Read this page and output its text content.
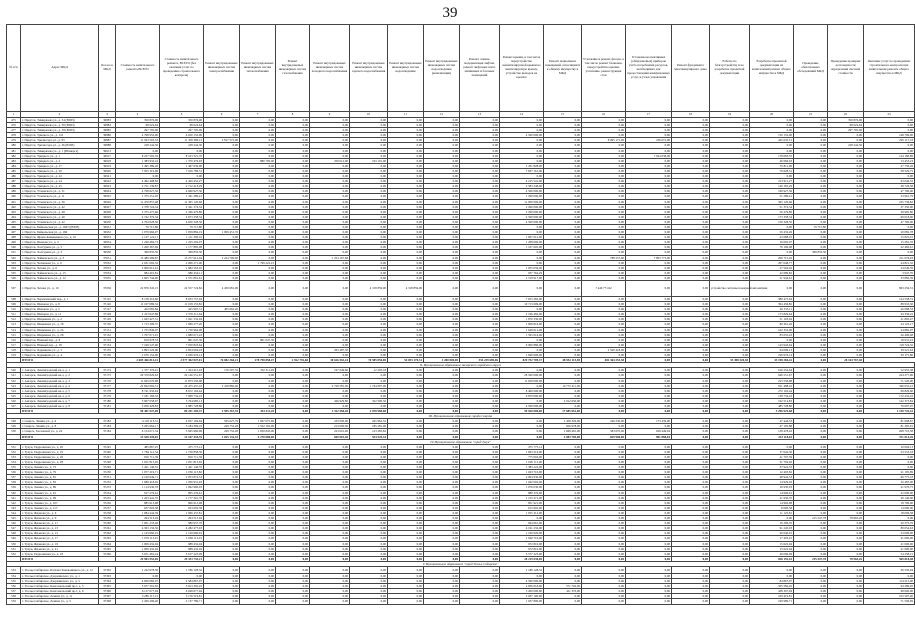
39
№ п/п	Адрес МКД	Кол-во в МКД	Стоимость капитального ремонта ВСЕГО	Стоимость капитального ремонта, ВСЕГО (без оказания услуг по проведению строительного контроля)	Ремонт внутридомовых инженерных систем электроснабжения	Ремонт внутридомовых инженерных систем теплоснабжения	Ремонт внутридомовых инженерных систем газоснабжения	Ремонт внутридомовых инженерных систем холодного водоснабжения	Ремонт внутридомовых инженерных систем горячего водоснабжения	Ремонт внутридомовых инженерных систем водоотведения	Ремонт внутридомовых инженерных систем водоотведения (канализации)	Ремонт, замена, модернизация лифтов, ремонт лифтовых шахт, машинных и блочных помещений	Ремонт крыши, в том числе переустройство невентилируемой крыши на вентилируемую крышу, устройство выходов на кровлю	Ремонт подвальных помещений, относящихся к общему имуществу в МКД	Утепление и ремонт фасада, в том числе ремонт балконов, переустройство крыши, утепление, реконструкция стен	Установка коллективных (общедомовых) приборов учёта потребления ресурсов, необходимых для предоставления коммунальных услуг, и узлов управления	Ремонт фундамента многоквартирного дома	Работы по благоустройству и по разработке проектной документации	Разработка проектной документации на капитальный ремонт общего имущества в МКД	Проведение обязательных обследований МКД	Проведение проверки достоверности определения сметной стоимости	Оказание услуг по проведению строительного контроля при капитальном ремонте общего имущества в МКД	
1	2	3	4	5	6	7	8	9	10	11	12	13	14	15	16	17	18	19	20	21	22	23	
475	г. Иркутск, Тимирязева ул., д. 34 (ЮПЗ)	36883	350 876,00	350 876,00	0,00	0,00	0,00	0,00	0,00	0,00	0,00	0,00	0,00	0,00	0,00	0,00	0,00	0,00	0,00	0,00	350 876,00	0,00	
476	г. Иркутск, Тимирязева ул., д. 36 (ЮПЗ)	36884	68 024,64	68 024,64	0,00	0,00	0,00	0,00	0,00	0,00	0,00	0,00	0,00	0,00	0,00	0,00	0,00	0,00	0,00	0,00	68 024,64	0,00	
477	г. Иркутск, Тимирязева ул., д. 38 (ЮПЗ)	36885	297 795,00	297 795,00	0,00	0,00	0,00	0,00	0,00	0,00	0,00	0,00	0,00	0,00	0,00	0,00	0,00	0,00	0,00	0,00	297 795,00	0,00	
478	г. Иркутск, Урицкого ул., д. 110	36886	4 798 952,00	4 650 152,00	0,00	0,00	0,00	0,00	0,00	0,00	0,00	0,00	4 500 000,00	0,00	0,00	0,00	0,00	0,00	150 152,00	0,00	0,00	148 799,00	
479	г. Иркутск, Трилиссера ул., д. 93	36887	11 563 503,33	11 358 386,15	2 817 573,00	0,00	0,00	0,00	0,00	0,00	0,00	0,00	0,00	0,00	8 095 171,00	236 672,00	0,00	0,00	445 635,15	0,00	0,00	205 117,18	
480	г. Иркутск, Трилиссера ул., д. 36 (ЮПЗ)	36888	228 244,30	228 244,30	0,00	0,00	0,00	0,00	0,00	0,00	0,00	0,00	0,00	0,00	0,00	0,00	0,00	0,00	0,00	0,00	228 244,30	0,00	
481	г. Иркутск, Тимирязева ул., д. 1 (Юпиерса)	36913	0,00	0,00	0,00	0,00	0,00	0,00	0,00	0,00	0,00	0,00	0,00	0,00	0,00	0,00	0,00	0,00	0,00	0,00	0,00	0,00	
482	г. Иркутск, Урицкого ул., д. 1	36917	8 227 502,59	8 103 321,70	0,00	0,00	0,00	0,00	0,00	0,00	0,00	0,00	0,00	0,00	0,00	7 924 638,00	0,00	0,00	178 683,70	0,00	0,00	124 180,89	
483	г. Иркутск, Урицкого ул., д. 2	36918	1 383 933,16	1 370 479,93	0,00	880 700,00	0,00	250 012,00	193 101,00	0,00	0,00	0,00	0,00	0,00	0,00	0,00	0,00	0,00	46 666,93	0,00	0,00	13 453,23	
484	г. Иркутск, Урицкого ул., д. 17	36919	1 495 389,26	1 467 639,00	0,00	0,00	0,00	0,00	0,00	0,00	0,00	0,00	1 431 828,00	0,00	0,00	0,00	0,00	0,00	35 811,00	0,00	0,00	27 750,26	
485	г. Иркутск, Урицкого ул., д. 20	36920	7 955 319,06	7 916 789,31	0,00	0,00	0,00	0,00	0,00	0,00	0,00	0,00	7 837 161,00	0,00	0,00	0,00	0,00	0,00	79 628,31	0,00	0,00	38 529,75	
486	г. Иркутск, Урицкого ул., д. 22	36921	0,00	0,00	0,00	0,00	0,00	0,00	0,00	0,00	0,00	0,00	0,00	0,00	0,00	0,00	0,00	0,00	0,00	0,00	0,00	0,00	
487	г. Иркутск, Урицкого ул., д. 24	36922	4 492 498,82	4 429 452,27	0,00	0,00	0,00	0,00	0,00	0,00	0,00	0,00	4 215 541,00	0,00	0,00	0,00	0,00	0,00	213 911,27	0,00	0,00	63 046,55	
488	г. Иркутск, Урицкого ул., д. 25	36923	2 751 139,87	2 712 413,29	0,00	0,00	0,00	0,00	0,00	0,00	0,00	0,00	2 583 248,00	0,00	0,00	0,00	0,00	0,00	129 165,29	0,00	0,00	38 726,58	
489	г. Иркутск, Уткинского ул., д. 31	36924	4 708 627,56	4 660 927,56	0,00	0,00	0,00	0,00	0,00	0,00	0,00	0,00	4 500 000,00	0,00	0,00	0,00	0,00	0,00	160 927,56	0,00	0,00	47 700,00	
490	г. Иркутск, Уткинского ул., д. 11	36925	1 375 251,20	1 341 289,41	0,00	0,00	0,00	0,00	0,00	0,00	0,00	0,00	1 290 000,00	0,00	0,00	0,00	0,00	0,00	51 289,41	0,00	0,00	33 961,79	
491	г. Иркутск, Уткинского ул., д. 36	36926	11 470 857,48	11 365 120,66	0,00	0,00	0,00	0,00	0,00	0,00	0,00	0,00	11 000 000,00	0,00	0,00	0,00	0,00	0,00	365 120,66	0,00	0,00	105 736,82	
492	г. Иркутск, Уткинского ул., д. 42	36927	2 378 724,34	2 341 374,34	0,00	0,00	0,00	0,00	0,00	0,00	0,00	0,00	2 290 000,00	0,00	0,00	0,00	0,00	0,00	51 374,34	0,00	0,00	37 350,00	
493	г. Иркутск, Уткинского ул., д. 48	36928	2 375 475,66	2 346 479,86	0,00	0,00	0,00	0,00	0,00	0,00	0,00	0,00	2 290 000,00	0,00	0,00	0,00	0,00	0,00	56 479,86	0,00	0,00	28 995,80	
494	г. Иркутск, Уткинского ул., д. 40	36929	4 742 376,34	4 673 358,34	0,00	0,00	0,00	0,00	0,00	0,00	0,00	0,00	4 500 000,00	0,00	0,00	0,00	0,00	0,00	173 358,34	0,00	0,00	69 018,00	
495	г. Иркутск, Уткинского ул., д. 42	36930	4 704 028,50	4 656 328,50	0,00	0,00	0,00	0,00	0,00	0,00	0,00	0,00	4 500 000,00	0,00	0,00	0,00	0,00	0,00	156 328,50	0,00	0,00	47 700,00	
496	г. Иркутск, Байкальская ул., д. 166/3 (ЮПЗ)	36931	79 715,80	79 715,80	0,00	0,00	0,00	0,00	0,00	0,00	0,00	0,00	0,00	0,00	0,00	0,00	0,00	0,00	0,00	79 715,80	0,00	0,00	
497	г. Иркутск, Байкальская ул., д. 166	36932	1 079 966,97	1 059 884,19	1 009 451,70	0,00	0,00	0,00	0,00	0,00	0,00	0,00	0,00	0,00	0,00	0,00	0,00	0,00	50 432,49	0,00	0,00	20 082,78	
498	г. Иркутск, Франк-Каменецкого ул., д. 16	36933	1 127 122,11	1 111 300,10	0,00	0,00	0,00	0,00	0,00	0,00	0,00	0,00	1 067 612,00	0,00	0,00	0,00	0,00	0,00	43 688,10	0,00	0,00	15 822,01	
499	г. Иркутск, Пыжова ул., д. 4	36934	1 240 484,73	1 225 202,97	0,00	0,00	0,00	0,00	0,00	0,00	0,00	0,00	1 208 600,00	0,00	0,00	0,00	0,00	0,00	16 602,97	0,00	0,00	15 281,76	
500	г. Иркутск, Халтурина ул., д. 5	36935	1 200 367,69	1 177 885,08	0,00	0,00	0,00	0,00	0,00	0,00	0,00	0,00	1 107 695,00	0,00	0,00	0,00	0,00	0,00	70 190,08	0,00	0,00	22 482,61	
501	г. Иркутск, Халтурина ул., д. 3	36936	369 835,50	369 835,50	0,00	0,00	0,00	0,00	0,00	0,00	0,00	0,00	0,00	0,00	0,00	0,00	0,00	0,00	0,00	369 835,50	0,00	0,00	
502	г. Иркутск, Чайковского ул., д. 3	37031	13 489 289,87	13 277 612,94	2 224 700,00	0,00	0,00	1 254 167,68	0,00	0,00	0,00	0,00	0,00	0,00	788 257,00	7 803 773,00	0,00	0,00	206 715,26	0,00	0,00	211 676,93	
503	г. Иркутск, Челнокова ул., д. 9	37032	2 031 092,32	2 006 271,00	0,00	1 799 222,23	0,00	0,00	0,00	0,00	0,00	0,00	0,00	0,00	0,00	0,00	0,00	0,00	207 048,77	0,00	0,00	24 821,32	
504	г. Иркутск, Чехова ул., д. 6	37033	2 006 612,61	1 982 563,02	0,00	0,00	0,00	0,00	0,00	0,00	0,00	0,00	1 955 059,00	0,00	0,00	0,00	0,00	0,00	27 504,02	0,00	0,00	24 049,59	
505	г. Иркутск, Чайковского ул., д. 15	37034	984 401,81	980 454,11	0,00	0,00	0,00	0,00	0,00	0,00	0,00	0,00	937 764,29	0,00	0,00	0,00	0,00	0,00	42 689,82	0,00	0,00	3 947,70	
506	г. Иркутск, Чайковского ул., д. 12	37035	2 605 744,00	2 571 861,61	0,00	0,00	0,00	0,00	0,00	0,00	0,00	0,00	2 519 917,00	0,00	0,00	0,00	0,00	0,00	51 944,61	0,00	0,00	33 882,39	
507	г. Иркутск, Чехова ул., д. 10	37036	22 876 345,15	22 557 724,82	4 450 681,00	0,00	0,00	0,00	4 318 859,00	4 318 859,00	0,00	0,00	0,00	0,00	7 446 771,92	0,00	0,00	устройство системы пожарной автоматики	0,00	0,00	0,00	863 256,31			
508	г. Иркутск, Черемховский пер., д. 1	37125	8 158 316,66	8 033 757,94	0,00	0,00	0,00	0,00	0,00	0,00	0,00	0,00	7 653 282,00	0,00	0,00	0,00	0,00	0,00	380 475,94	0,00	0,00	124 558,72	
509	г. Иркутск, Шевцова ул., д. 8	37126	11 107 089,32	11 018 155,82	0,00	0,00	0,00	0,00	0,00	0,00	0,00	0,00	10 713 699,00	0,00	0,00	0,00	0,00	0,00	304 456,82	0,00	0,00	88 933,50	
510	г. Иркутск, Шевцова ул., д. 5	37127	452 085,84	425 997,31	405 662,20	0,00	0,00	0,00	0,00	0,00	0,00	0,00	0,00	0,00	0,00	0,00	0,00	0,00	20 335,11	0,00	0,00	26 088,53	
511	г. Иркутск, Шевцова ул., д. 11	37128	2 413 647,86	2 370 311,64	0,00	0,00	0,00	0,00	0,00	0,00	0,00	0,00	2 196 482,00	0,00	0,00	0,00	0,00	0,00	173 829,64	0,00	0,00	43 336,22	
512	г. Иркутск, Ширямова ул., д. 2	37129	1 943 427,51	1 921 532,04	0,00	0,00	0,00	0,00	0,00	0,00	0,00	0,00	1 870 339,00	0,00	0,00	0,00	0,00	0,00	51 193,04	0,00	0,00	21 895,47	
513	г. Иркутск, Ширямова ул., д. 18	37130	1 713 399,37	1 689 277,20	0,00	0,00	0,00	0,00	0,00	0,00	0,00	0,00	1 608 816,00	0,00	0,00	0,00	0,00	0,00	80 461,20	0,00	0,00	24 122,17	
514	г. Иркутск, Ширямова ул., д. 24	37131	1 755 846,97	1 730 964,00	0,00	0,00	0,00	0,00	0,00	0,00	0,00	0,00	1 628 612,00	0,00	0,00	0,00	0,00	0,00	102 352,00	0,00	0,00	24 882,97	
515	г. Иркутск, Ширямова ул., д. 28	37132	1 707 071,91	1 680 671,43	0,00	0,00	0,00	0,00	0,00	0,00	0,00	0,00	1 595 016,00	0,00	0,00	0,00	0,00	0,00	85 655,43	0,00	0,00	26 400,48	
516	г. Иркутск, Южный пер., д. 8	37133	819 978,53	801 047,30	0,00	801 047,30	0,00	0,00	0,00	0,00	0,00	0,00	0,00	0,00	0,00	0,00	0,00	0,00	0,00	0,00	0,00	18 931,23	
517	г. Иркутск, Южный пер., д. 18	37134	7 169 547,96	7 050 823,64	0,00	0,00	0,00	0,00	0,00	0,00	0,00	0,00	6 906 880,00	0,00	0,00	0,00	0,00	0,00	143 943,64	0,00	0,00	118 724,32	
518	г. Иркутск, Ядринцева ул., д. 5	37135	2 893 226,06	2 854 004,43	0,00	0,00	0,00	263 487,30	0,00	0,00	0,00	0,00	0,00	0,00	2 526 418,00	0,00	0,00	0,00	64 099,13	0,00	0,00	39 221,63	
519	г. Иркутск, Ядринцева ул., д. 4	37136	2 076 152,00	2 036 976,14	0,00	0,00	0,00	0,00	0,00	0,00	0,00	0,00	1 840 000,00	0,00	0,00	0,00	0,00	0,00	196 976,14	0,00	0,00	39 175,86	
	ИТОГО		2 605 466 814,41	2 577 302 047,01	76 082 360,21	278 798 858,47	2 922 792,60	30 626 563,24	70 585 050,00	54 053 170,31	3 200 000,00	354 239 689,06	829 752 709,37	48 952 115,90	482 364 253,38	0,00	0,00	53 498 520,30	33 198 284,42	0,00	28 164 767,40		
II. Муниципальное образование Ангарского городского округа																							
520	г. Ангарск, Ленинградский кв-л, д. 1	37174	1 377 370,41	1 324 415,03	176 507,35	352 311,26	0,00	167 049,60	12 293,18	0,00	0,00	0,00	0,00	0,00	0,00	0,00	0,00	0,00	616 254,64	0,00	0,00	52 955,38	
521	г. Ангарск, Ленинградский кв-л, д. 2	37175	29 370 829,63	29 146 551,67	0,00	0,00	0,00	0,00	0,00	0,00	0,00	0,00	28 500 000,00	0,00	0,00	0,00	0,00	0,00	646 551,67	0,00	0,00	224 277,96	
522	г. Ангарск, Ленинградский кв-л, д. 3	37176	11 945 070,98	11 873 550,98	0,00	0,00	0,00	0,00	0,00	0,00	0,00	0,00	11 650 000,00	0,00	0,00	0,00	0,00	0,00	223 550,98	0,00	0,00	71 520,00	
523	г. Ангарск, Ленинградский кв-л, д. 4	37177	22 822 092,51	22 475 437,10	2 418 860,00	0,00	0,00	2 728 581,00	1 744 097,00	0,00	0,00	0,00	0,00	14 772 411,00	0,00	0,00	0,00	0,00	811 488,10	0,00	0,00	346 655,41	
524	г. Ангарск, Ленинградский кв-л, д. 5	37178	8 741 932,04	8 672 102,44	0,00	0,00	0,00	0,00	0,00	0,00	0,00	0,00	8 400 000,00	0,00	0,00	0,00	0,00	0,00	272 102,44	0,00	0,00	69 829,60	
525	г. Ангарск, Ленинградский кв-л, д. 6	37179	7 181 166,32	7 008 734,16	0,00	0,00	0,00	0,00	0,00	0,00	0,00	0,00	6 870 000,00	0,00	0,00	0,00	0,00	0,00	138 734,16	0,00	0,00	172 432,16	
526	г. Ангарск, Ленинградский кв-л, д. 7	37180	3 907 058,97	3 764 685,13	0,00	0,00	0,00	426 929,80	322 590,50	0,00	0,00	0,00	0,00	2 912 650,00	0,00	0,00	0,00	0,00	102 514,83	0,00	0,00	142 373,84	
527	г. Ангарск, Ленинградский кв-л, д. 8	37181	5 056 426,83	4 985 728,86	0,00	0,00	0,00	0,00	0,00	0,00	0,00	0,00	4 500 000,00	0,00	0,00	0,00	0,00	0,00	485 728,86	0,00	0,00	70 697,97	
	ИТОГО		90 401 947,69	89 251 205,37	2 595 367,35	352 311,26	0,00	3 322 560,40	2 078 980,68	0,00	0,00	0,00	59 920 000,00	17 685 061,00	0,00	0,00	0,00	0,00	3 296 925,68	0,00	0,00	1 150 742,32	
III. Муниципальное образование города Свирска																							
528	г. Свирск, Ленина ул., д. 6	37182	4 118 113,31	4 037 104,64	565 627,79	1 067 075,00	0,00	233 000,00	245 962,52	0,00	0,00	0,00	0,00	1 458 326,00	246 230,00	173 439,00	0,00	0,00	47 444,33	0,00	0,00	81 008,67	
529	г. Свирск, Ленина ул., д. 8	37183	3 265 664,17	3 184 369,16	229 752,28	1 552 162,00	0,00	213 000,00	185 281,00	0,00	0,00	0,00	0,00	956 978,00	0,00	0,00	0,00	0,00	47 195,88	0,00	0,00	81 295,01	
530	г. Свирск, Хасановой ул., д. 24	37184	6 154 671,54	5 945 960,96	229 752,28	1 650 843,00	0,00	223 001,40	123 285,82	0,00	0,00	0,00	0,00	1 668 481,00	583 670,00	628 449,04	0,00	0,00	138 478,42	0,00	0,00	208 710,58	
	ИТОГО		13 538 449,02	13 167 434,76	1 025 132,35	4 270 080,00	0,00	669 001,40	554 529,34	0,00	0,00	0,00	0,00	4 083 785,00	829 900,00	801 888,04	0,00	0,00	233 118,63	0,00	0,00	371 014,26	
IV. Муниципальное образование "город Тулун"																							
531	г. Тулун, Гидролизная ул., д. 20	37245	485 867,25	475 773,12	0,00	0,00	0,00	0,00	0,00	0,00	0,00	0,00	475 773,12	0,00	0,00	0,00	0,00	0,00	0,00	0,00	0,00	10 094,13	
532	г. Тулун, Гидролизная ул., д. 25	37246	1 784 111,54	1 730 858,36	0,00	0,00	0,00	0,00	0,00	0,00	0,00	0,00	1 693 216,00	0,00	0,00	0,00	0,00	0,00	37 642,36	0,00	0,00	53 253,18	
533	г. Тулун, Гидролизная ул., д. 26	37247	816 711,39	816 711,39	0,00	0,00	0,00	0,00	0,00	0,00	0,00	0,00	775 004,00	0,00	0,00	0,00	0,00	0,00	41 707,39	0,00	0,00	0,00	
534	г. Тулун, Гидролизная ул., д. 28	37248	1 051 813,92	1 051 813,92	0,00	0,00	0,00	0,00	0,00	0,00	0,00	0,00	1 020 111,00	0,00	0,00	0,00	0,00	0,00	31 702,92	0,00	0,00	0,00	
535	г. Тулун, Ленина ул., д. 73	37249	1 421 146,55	1 421 146,55	0,00	0,00	0,00	0,00	0,00	0,00	0,00	0,00	1 383 222,00	0,00	0,00	0,00	0,00	0,00	37 924,55	0,00	0,00	0,00	
536	г. Тулун, Ленина ул., д. 79	37250	1 077 219,71	1 056 113,82	0,00	0,00	0,00	0,00	0,00	0,00	0,00	0,00	1 043 710,00	0,00	0,00	0,00	0,00	0,00	12 403,82	0,00	0,00	21 105,89	
537	г. Тулун, Ленина ул., д. 81	37251	2 120 649,71	2 053 874,53	0,00	0,00	0,00	0,00	0,00	0,00	0,00	0,00	2 004 930,00	0,00	0,00	0,00	0,00	0,00	48 944,53	0,00	0,00	66 775,18	
538	г. Тулун, Ленина ул., д. 83	37252	1 089 418,92	1 056 931,92	0,00	0,00	0,00	0,00	0,00	0,00	0,00	0,00	1 042 002,00	0,00	0,00	0,00	0,00	0,00	14 929,92	0,00	0,00	32 487,00	
539	г. Тулун, Ленина ул., д. 89	37253	1 114 930,78	1 092 960,03	0,00	0,00	0,00	0,00	0,00	0,00	0,00	0,00	1 076 030,00	0,00	0,00	0,00	0,00	0,00	16 930,03	0,00	0,00	21 970,75	
540	г. Тулун, Ленина ул., д. 91	37254	917 276,61	895 276,61	0,00	0,00	0,00	0,00	0,00	0,00	0,00	0,00	880 370,00	0,00	0,00	0,00	0,00	0,00	14 906,61	0,00	0,00	22 000,00	
541	г. Тулун, Ленина ул., д. 99	37255	1 203 441,70	1 177 301,70	0,00	0,00	0,00	0,00	0,00	0,00	0,00	0,00	1 155 371,00	0,00	0,00	0,00	0,00	0,00	21 930,70	0,00	0,00	26 140,00	
542	г. Тулун, Ленина ул., д. 107	37256	885 613,98	866 913,98	0,00	0,00	0,00	0,00	0,00	0,00	0,00	0,00	851 921,00	0,00	0,00	0,00	0,00	0,00	14 992,98	0,00	0,00	18 700,00	
543	г. Тулун, Ленина ул., д. 117	37257	637 602,58	623 602,58	0,00	0,00	0,00	0,00	0,00	0,00	0,00	0,00	615 602,00	0,00	0,00	0,00	0,00	0,00	8 000,58	0,00	0,00	14 000,00	
544	г. Тулун, Жданова ул., д. 6	37258	1 084 444,39	1 066 437,81	0,00	0,00	0,00	0,00	0,00	0,00	0,00	0,00	1 055 312,00	0,00	0,00	0,00	0,00	0,00	11 125,81	0,00	0,00	18 006,58	
545	г. Тулун, Жданова ул., д. 9	37259	294 513,04	294 513,04	0,00	0,00	0,00	0,00	0,00	0,00	0,00	0,00	0,00	0,00	0,00	0,00	0,00	0,00	0,00	215 547,78	78 965,26	0,00	
546	г. Тулун, Жданова ул., д. 11	37260	1 001 233,46	980 957,70	0,00	0,00	0,00	0,00	0,00	0,00	0,00	0,00	964 661,00	0,00	0,00	0,00	0,00	0,00	16 296,70	0,00	0,00	20 275,76	
547	г. Тулун, Жданова ул., д. 13	37261	4 363 132,56	4 282 477,93	0,00	0,00	0,00	0,00	0,00	0,00	0,00	0,00	4 191 232,00	0,00	0,00	0,00	0,00	0,00	91 245,93	0,00	0,00	80 654,63	
548	г. Тулун, Жданова ул., д. 15	37262	1 143 660,01	1 120 660,01	0,00	0,00	0,00	0,00	0,00	0,00	0,00	0,00	1 100 620,00	0,00	0,00	0,00	0,00	0,00	20 040,01	0,00	0,00	23 000,00	
549	г. Тулун, Жданова ул., д. 17	37263	1 079 113,01	1 058 113,01	0,00	0,00	0,00	0,00	0,00	0,00	0,00	0,00	1 040 710,00	0,00	0,00	0,00	0,00	0,00	17 403,01	0,00	0,00	21 000,00	
550	г. Тулун, Жданова ул., д. 19	37264	1 009 432,04	988 432,04	0,00	0,00	0,00	0,00	0,00	0,00	0,00	0,00	972 810,00	0,00	0,00	0,00	0,00	0,00	15 622,04	0,00	0,00	21 000,00	
551	г. Тулун, Жданова ул., д. 21	37265	1 009 432,04	988 432,04	0,00	0,00	0,00	0,00	0,00	0,00	0,00	0,00	972 810,00	0,00	0,00	0,00	0,00	0,00	15 622,04	0,00	0,00	21 000,00	
552	г. Тулун, Гидролизная ул., д. 18	37266	3 671 481,24	3 617 223,09	0,00	0,00	0,00	0,00	0,00	0,00	0,00	0,00	3 577 223,00	0,00	0,00	0,00	0,00	0,00	40 000,09	0,00	0,00	54 258,15	
	ИТОГО		29 903 553,69	29 333 735,21	0,00	0,00	0,00	0,00	0,00	0,00	0,00	0,00	28 219 030,00	0,00	0,00	0,00	0,00	0,00	828 192,43	215 547,78	78 965,26	569 818,48	
V. Муниципальное образование "город Усолье-Сибирское"																							
553	г. Усолье-Сибирское, Богдана Хмельницкого ул., д. 12	37302	1 222 678,36	1 186 128,32	0,00	0,00	0,00	0,00	0,00	0,00	0,00	0,00	1 186 128,32	0,00	0,00	0,00	0,00	0,00	0,00	0,00	0,00	36 550,04	
554	г. Усолье-Сибирское, Дзержинского ул., д. 1	37303	0,00	0,00	0,00	0,00	0,00	0,00	0,00	0,00	0,00	0,00	0,00	0,00	0,00	0,00	0,00	0,00	0,00	0,00	0,00	0,00	
555	г. Усолье-Сибирское, Дзержинского ул., д. 5	37304	4 699 082,07	4 584 867,07	0,00	0,00	0,00	0,00	0,00	0,00	0,00	0,00	4 500 000,00	0,00	0,00	0,00	0,00	0,00	84 867,07	0,00	0,00	114 215,00	
556	г. Усолье-Сибирское, Комсомольский пр-т, д. 5	37305	3 977 591,65	3 913 302,45	0,00	0,00	0,00	0,00	0,00	0,00	0,00	0,00	2 836 018,00	571 702,00	0,00	0,00	0,00	0,00	505 582,45	0,00	0,00	64 289,20	
557	г. Усолье-Сибирское, Комсомольский пр-т, д. 9	37306	6 117 677,94	6 049 677,94	0,00	0,00	0,00	0,00	0,00	0,00	0,00	0,00	5 200 000,00	411 370,00	0,00	0,00	0,00	0,00	438 307,94	0,00	0,00	68 000,00	
558	г. Усолье-Сибирское, Ленина ул., д. 11	37307	3 280 117,21	3 176 519,81	0,00	0,00	0,00	0,00	0,00	0,00	0,00	0,00	2 937 100,00	0,00	0,00	0,00	0,00	0,00	239 419,81	0,00	0,00	103 597,40	
559	г. Усолье-Сибирское, Ленина ул., д. 5	37308	2 209 296,40	2 137 789,71	0,00	0,00	0,00	0,00	0,00	0,00	0,00	0,00	1 937 800,00	0,00	0,00	0,00	0,00	0,00	199 989,71	0,00	0,00	71 506,69	
